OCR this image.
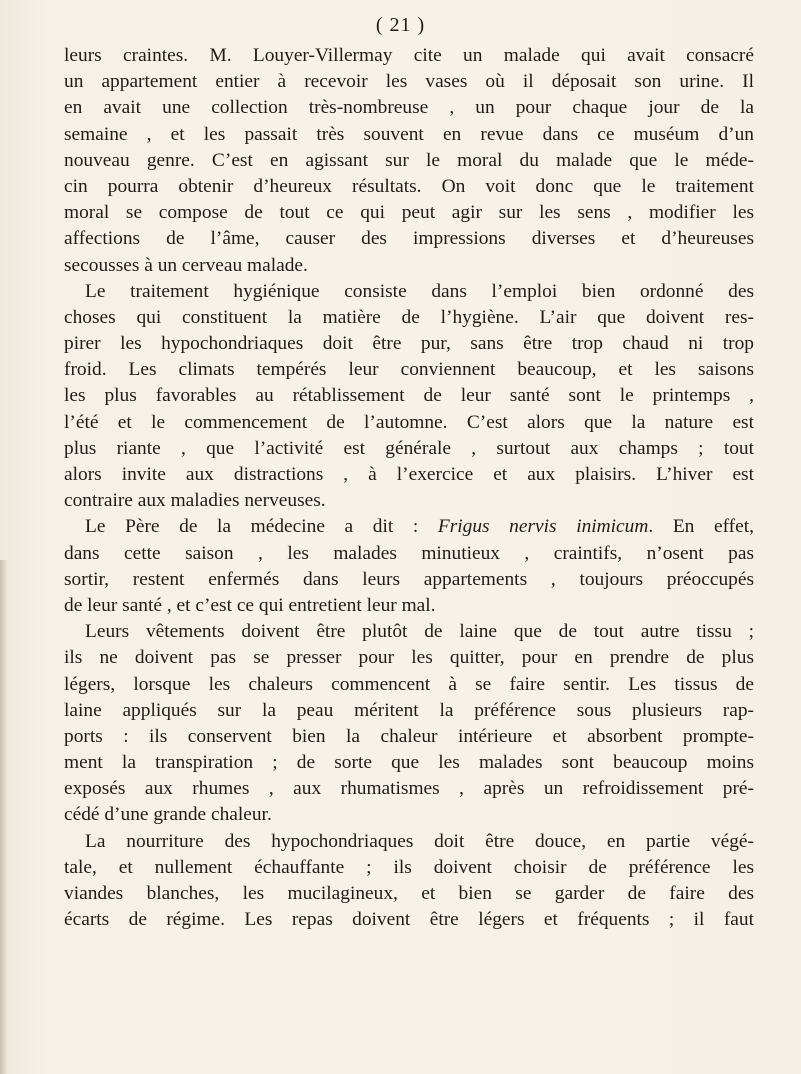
( 21 )
leurs craintes. M. Louyer-Villermay cite un malade qui avait consacré
un appartement entier à recevoir les vases où il déposait son urine. Il
en avait une collection très-nombreuse , un pour chaque jour de la
semaine , et les passait très souvent en revue dans ce muséum d’un
nouveau genre. C’est en agissant sur le moral du malade que le méde-
cin pourra obtenir d’heureux résultats. On voit donc que le traitement
moral se compose de tout ce qui peut agir sur les sens , modifier les
affections de l’âme, causer des impressions diverses et d’heureuses
secousses à un cerveau malade.
Le traitement hygiénique consiste dans l’emploi bien ordonné des
choses qui constituent la matière de l’hygiène. L’air que doivent res-
pirer les hypochondriaques doit être pur, sans être trop chaud ni trop
froid. Les climats tempérés leur conviennent beaucoup, et les saisons
les plus favorables au rétablissement de leur santé sont le printemps ,
l’été et le commencement de l’automne. C’est alors que la nature est
plus riante , que l’activité est générale , surtout aux champs ; tout
alors invite aux distractions , à l’exercice et aux plaisirs. L’hiver est
contraire aux maladies nerveuses.
Le Père de la médecine a dit : Frigus nervis inimicum. En effet,
dans cette saison , les malades minutieux , craintifs, n’osent pas
sortir, restent enfermés dans leurs appartements , toujours préoccupés
de leur santé , et c’est ce qui entretient leur mal.
Leurs vêtements doivent être plutôt de laine que de tout autre tissu ;
ils ne doivent pas se presser pour les quitter, pour en prendre de plus
légers, lorsque les chaleurs commencent à se faire sentir. Les tissus de
laine appliqués sur la peau méritent la préférence sous plusieurs rap-
ports : ils conservent bien la chaleur intérieure et absorbent prompte-
ment la transpiration ; de sorte que les malades sont beaucoup moins
exposés aux rhumes , aux rhumatismes , après un refroidissement pré-
cédé d’une grande chaleur.
La nourriture des hypochondriaques doit être douce, en partie végé-
tale, et nullement échauffante ; ils doivent choisir de préférence les
viandes blanches, les mucilagineux, et bien se garder de faire des
écarts de régime. Les repas doivent être légers et fréquents ; il faut
